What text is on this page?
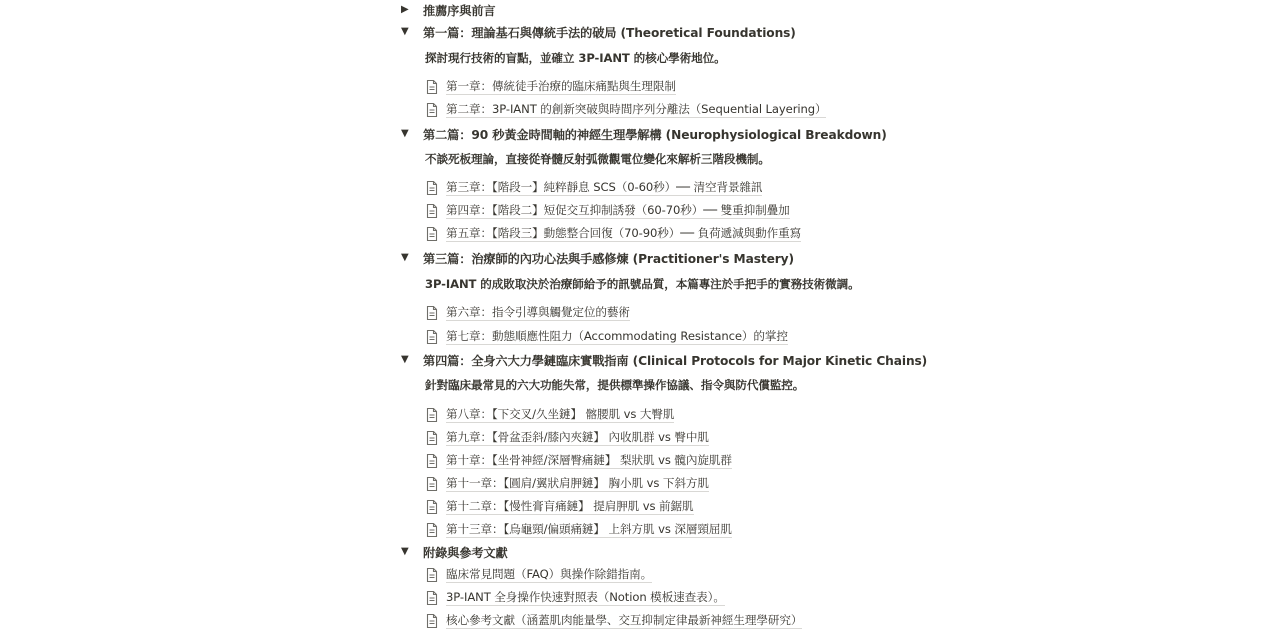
▶	推薦序與前言
▼	第一篇：理論基石與傳統手法的破局 (Theoretical Foundations)
探討現行技術的盲點，並確立 3P-IANT 的核心學術地位。
第一章：傳統徒手治療的臨床痛點與生理限制
第二章：3P-IANT 的創新突破與時間序列分離法（Sequential Layering）
▼	第二篇：90 秒黃金時間軸的神經生理學解構 (Neurophysiological Breakdown)
不談死板理論，直接從脊髓反射弧微觀電位變化來解析三階段機制。
第三章：【階段一】純粹靜息 SCS（0-60秒）── 清空背景雜訊
第四章：【階段二】短促交互抑制誘發（60-70秒）── 雙重抑制疊加
第五章：【階段三】動態整合回復（70-90秒）── 負荷遞減與動作重寫
▼	第三篇：治療師的內功心法與手感修煉 (Practitioner's Mastery)
3P-IANT 的成敗取決於治療師給予的訊號品質，本篇專注於手把手的實務技術微調。
第六章：指令引導與觸覺定位的藝術
第七章：動態順應性阻力（Accommodating Resistance）的掌控
▼	第四篇：全身六大力學鏈臨床實戰指南 (Clinical Protocols for Major Kinetic Chains)
針對臨床最常見的六大功能失常，提供標準操作協議、指令與防代償監控。
第八章：【下交叉/久坐鏈】 髂腰肌 vs 大臀肌
第九章：【骨盆歪斜/膝內夾鏈】 內收肌群 vs 臀中肌
第十章：【坐骨神經/深層臀痛鏈】 梨狀肌 vs 髖內旋肌群
第十一章：【圓肩/翼狀肩胛鏈】 胸小肌 vs 下斜方肌
第十二章：【慢性膏肓痛鏈】 提肩胛肌 vs 前鋸肌
第十三章：【烏龜頸/偏頭痛鏈】 上斜方肌 vs 深層頸屈肌
▼	附錄與參考文獻
臨床常見問題（FAQ）與操作除錯指南。
3P-IANT 全身操作快速對照表（Notion 模板速查表）。
核心參考文獻（涵蓋肌肉能量學、交互抑制定律最新神經生理學研究）
